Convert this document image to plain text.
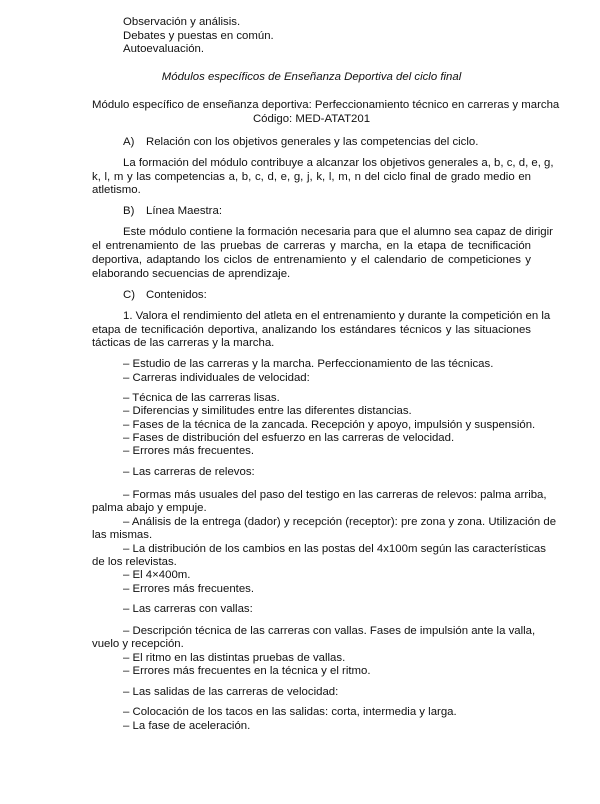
Observación y análisis.
Debates y puestas en común.
Autoevaluación.
Módulos específicos de Enseñanza Deportiva del ciclo final
Módulo específico de enseñanza deportiva: Perfeccionamiento técnico en carreras y marcha
Código: MED-ATAT201
A) Relación con los objetivos generales y las competencias del ciclo.
La formación del módulo contribuye a alcanzar los objetivos generales a, b, c, d, e, g,
k, l, m y las competencias a, b, c, d, e, g, j, k, l, m, n del ciclo final de grado medio en
atletismo.
B) Línea Maestra:
Este módulo contiene la formación necesaria para que el alumno sea capaz de dirigir
el entrenamiento de las pruebas de carreras y marcha, en la etapa de tecnificación
deportiva, adaptando los ciclos de entrenamiento y el calendario de competiciones y
elaborando secuencias de aprendizaje.
C) Contenidos:
1. Valora el rendimiento del atleta en el entrenamiento y durante la competición en la
etapa de tecnificación deportiva, analizando los estándares técnicos y las situaciones
tácticas de las carreras y la marcha.
– Estudio de las carreras y la marcha. Perfeccionamiento de las técnicas.
– Carreras individuales de velocidad:
– Técnica de las carreras lisas.
– Diferencias y similitudes entre las diferentes distancias.
– Fases de la técnica de la zancada. Recepción y apoyo, impulsión y suspensión.
– Fases de distribución del esfuerzo en las carreras de velocidad.
– Errores más frecuentes.
– Las carreras de relevos:
– Formas más usuales del paso del testigo en las carreras de relevos: palma arriba,
palma abajo y empuje.
– Análisis de la entrega (dador) y recepción (receptor): pre zona y zona. Utilización de
las mismas.
– La distribución de los cambios en las postas del 4x100m según las características
de los relevistas.
– El 4×400m.
– Errores más frecuentes.
– Las carreras con vallas:
– Descripción técnica de las carreras con vallas. Fases de impulsión ante la valla,
vuelo y recepción.
– El ritmo en las distintas pruebas de vallas.
– Errores más frecuentes en la técnica y el ritmo.
– Las salidas de las carreras de velocidad:
– Colocación de los tacos en las salidas: corta, intermedia y larga.
– La fase de aceleración.
